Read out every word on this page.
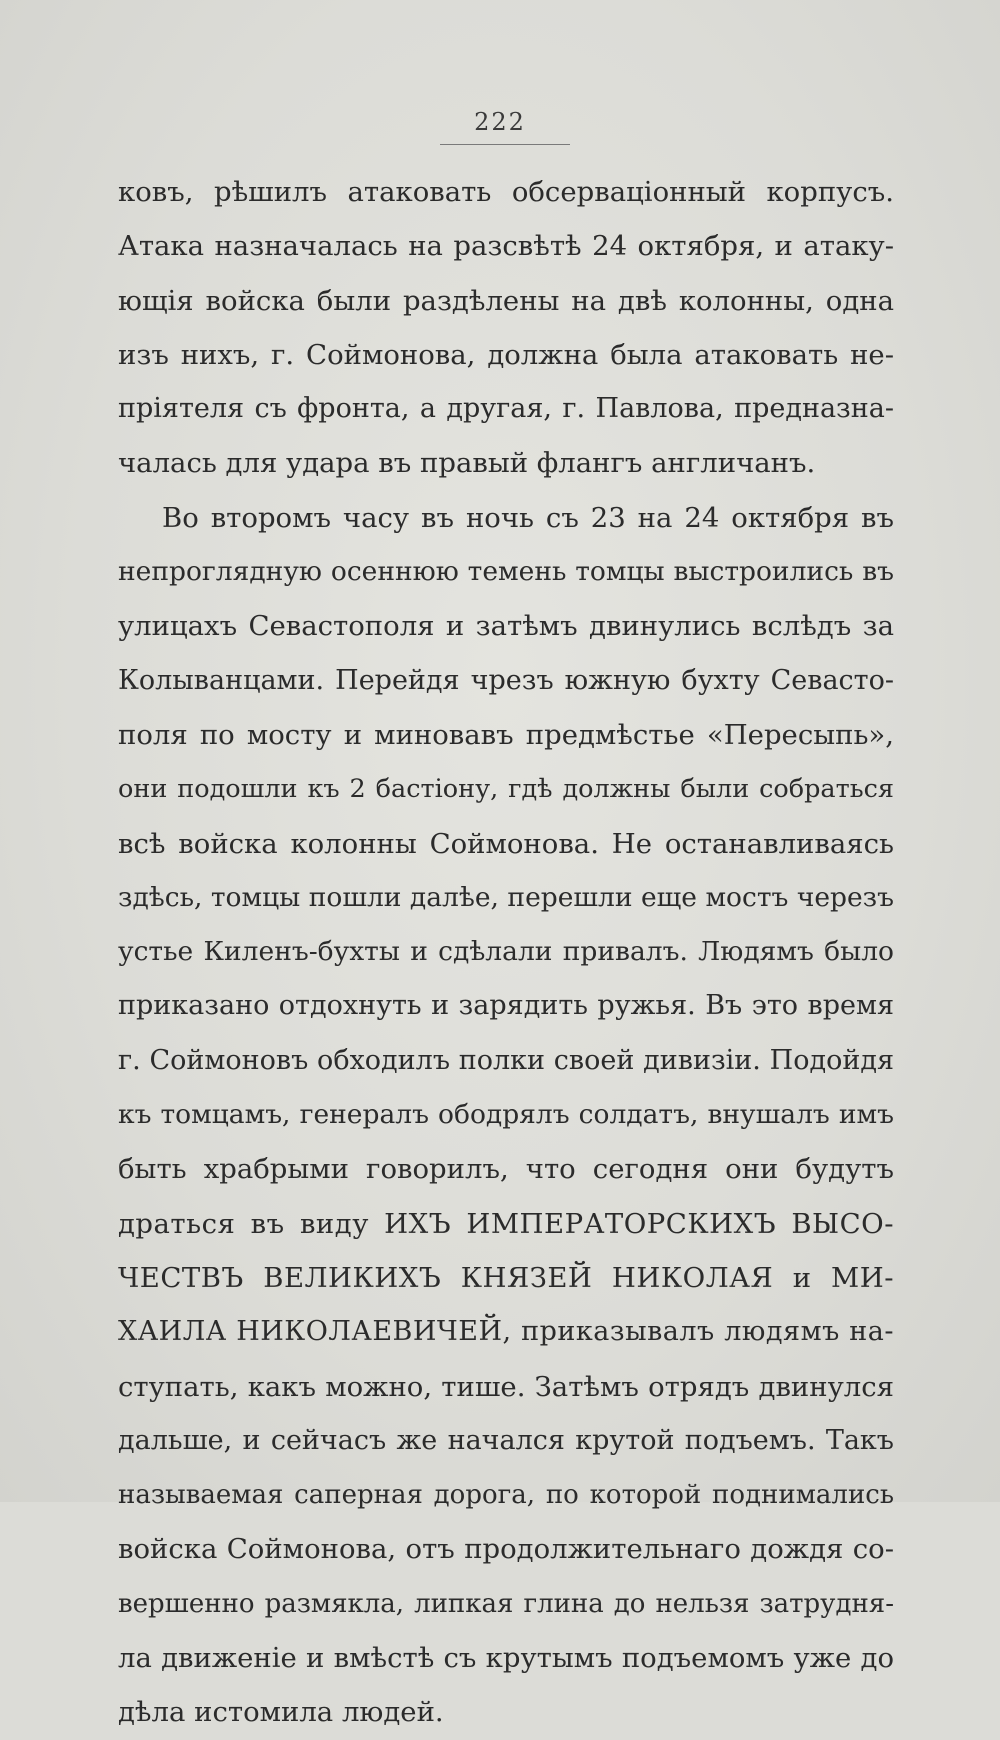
222
ковъ, рѣшилъ атаковать обсерваціонный корпусъ.
Атака назначалась на разсвѣтѣ 24 октября, и атаку-
ющія войска были раздѣлены на двѣ колонны, одна
изъ нихъ, г. Соймонова, должна была атаковать не-
пріятеля съ фронта, а другая, г. Павлова, предназна-
чалась для удара въ правый флангъ англичанъ.
Во второмъ часу въ ночь съ 23 на 24 октября въ
непроглядную осеннюю темень томцы выстроились въ
улицахъ Севастополя и затѣмъ двинулись вслѣдъ за
Колыванцами. Перейдя чрезъ южную бухту Севасто-
поля по мосту и миновавъ предмѣстье «Пересыпь»,
они подошли къ 2 бастіону, гдѣ должны были собраться
всѣ войска колонны Соймонова. Не останавливаясь
здѣсь, томцы пошли далѣе, перешли еще мостъ черезъ
устье Киленъ-бухты и сдѣлали привалъ. Людямъ было
приказано отдохнуть и зарядить ружья. Въ это время
г. Соймоновъ обходилъ полки своей дивизіи. Подойдя
къ томцамъ, генералъ ободрялъ солдатъ, внушалъ имъ
быть храбрыми говорилъ, что сегодня они будутъ
драться въ виду ИХЪ ИМПЕРАТОРСКИХЪ ВЫСО-
ЧЕСТВЪ ВЕЛИКИХЪ КНЯЗЕЙ НИКОЛАЯ и МИ-
ХАИЛА НИКОЛАЕВИЧЕЙ, приказывалъ людямъ на-
ступать, какъ можно, тише. Затѣмъ отрядъ двинулся
дальше, и сейчасъ же начался крутой подъемъ. Такъ
называемая саперная дорога, по которой поднимались
войска Соймонова, отъ продолжительнаго дождя со-
вершенно размякла, липкая глина до нельзя затрудня-
ла движеніе и вмѣстѣ съ крутымъ подъемомъ уже до
дѣла истомила людей.
